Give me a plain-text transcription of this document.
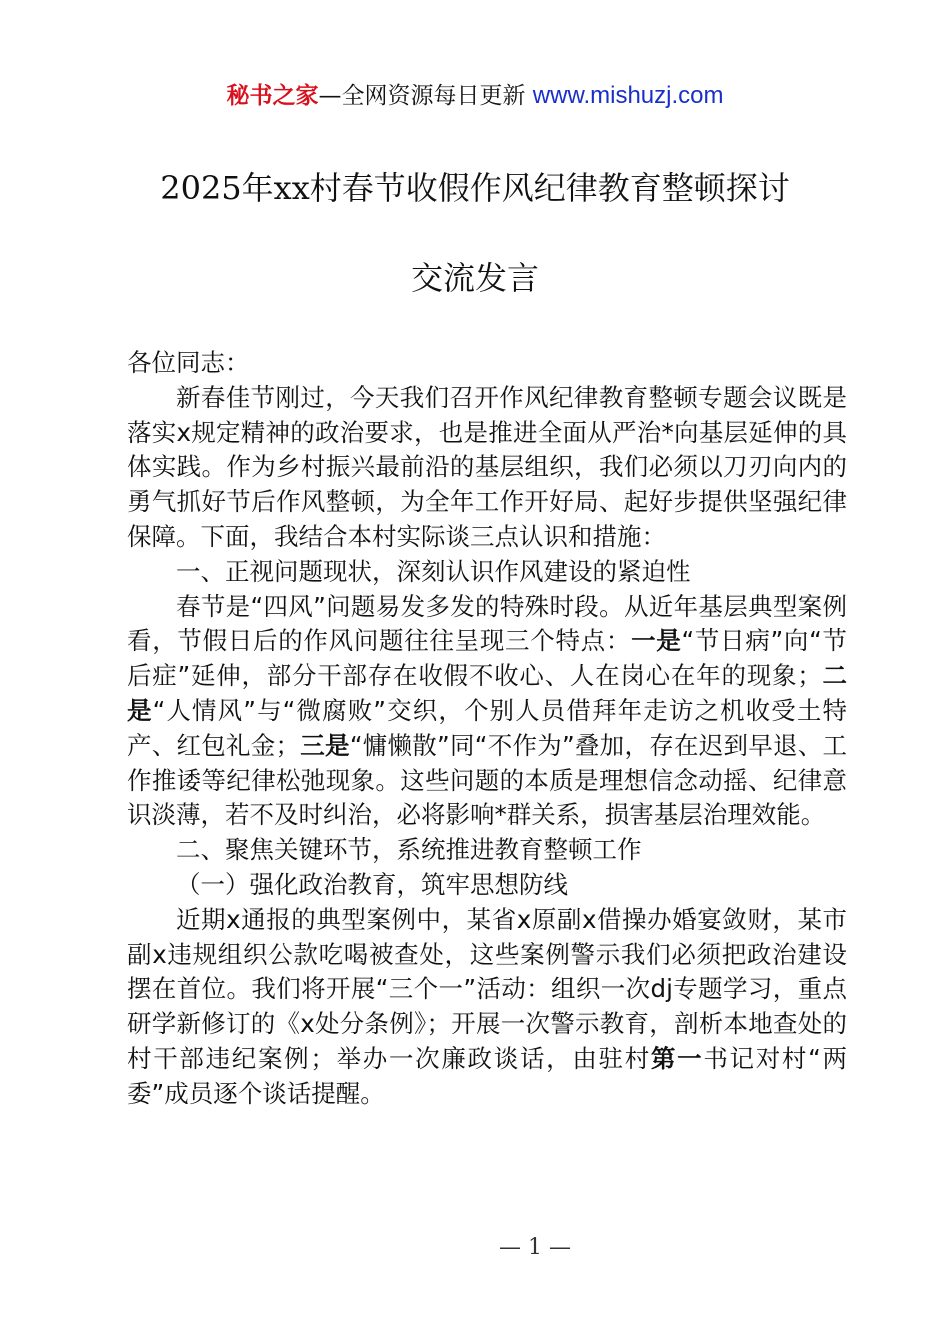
秘书之家—全网资源每日更新 www.mishuzj.com
2025年xx村春节收假作风纪律教育整顿探讨
交流发言

各位同志：

新春佳节刚过，今天我们召开作风纪律教育整顿专题会议既是落实x规定精神的政治要求，也是推进全面从严治*向基层延伸的具体实践。作为乡村振兴最前沿的基层组织，我们必须以刀刃向内的勇气抓好节后作风整顿，为全年工作开好局、起好步提供坚强纪律保障。下面，我结合本村实际谈三点认识和措施：

一、正视问题现状，深刻认识作风建设的紧迫性

春节是“四风”问题易发多发的特殊时段。从近年基层典型案例看，节假日后的作风问题往往呈现三个特点：一是“节日病”向“节后症”延伸，部分干部存在收假不收心、人在岗心在年的现象；二是“人情风”与“微腐败”交织，个别人员借拜年走访之机收受土特产、红包礼金；三是“慵懒散”同“不作为”叠加，存在迟到早退、工作推诿等纪律松弛现象。这些问题的本质是理想信念动摇、纪律意识淡薄，若不及时纠治，必将影响*群关系，损害基层治理效能。

二、聚焦关键环节，系统推进教育整顿工作

（一）强化政治教育，筑牢思想防线

近期x通报的典型案例中，某省x原副x借操办婚宴敛财，某市副x违规组织公款吃喝被查处，这些案例警示我们必须把政治建设摆在首位。我们将开展“三个一”活动：组织一次dj专题学习，重点研学新修订的《x处分条例》；开展一次警示教育，剖析本地查处的村干部违纪案例；举办一次廉政谈话，由驻村第一书记对村“两委”成员逐个谈话提醒。

— 1 —
